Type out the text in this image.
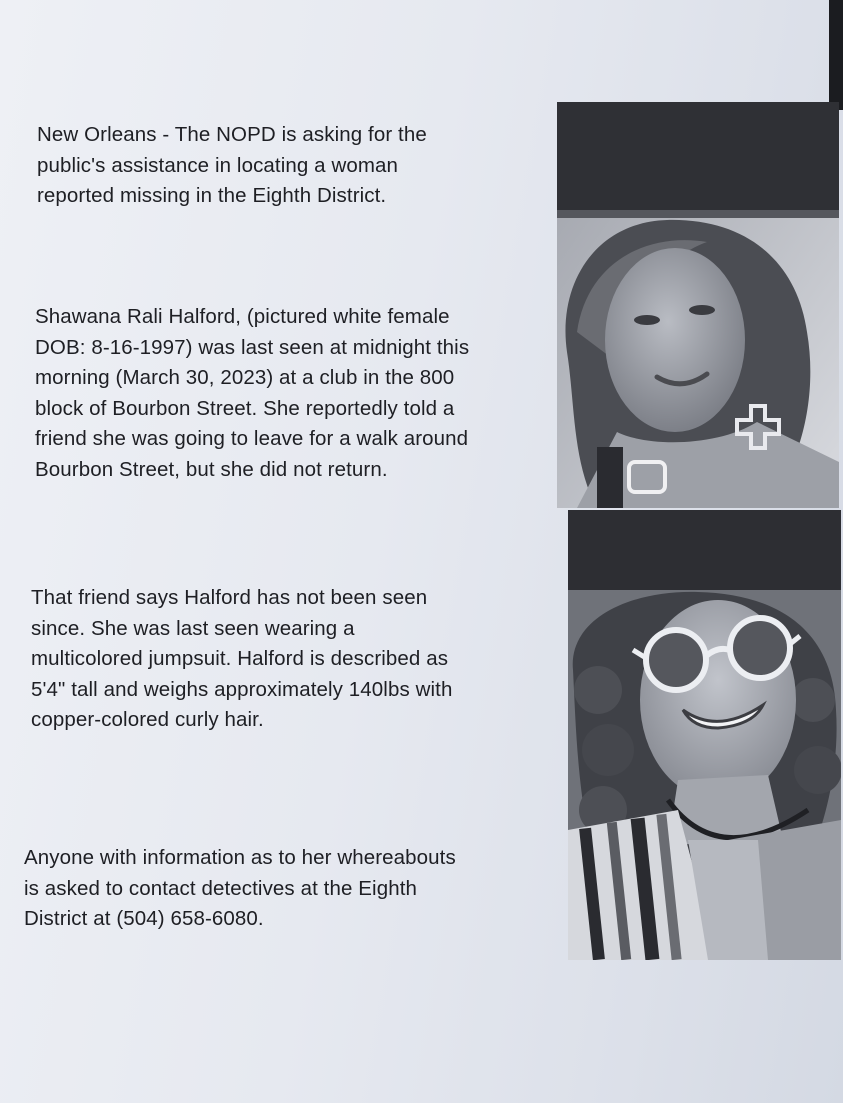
New Orleans - The NOPD is asking for the
public's assistance in locating a woman
reported missing in the Eighth District.

Shawana Rali Halford, (pictured white female
DOB: 8-16-1997) was last seen at midnight this
morning (March 30, 2023) at a club in the 800
block of Bourbon Street. She reportedly told a
friend she was going to leave for a walk around
Bourbon Street, but she did not return.

That friend says Halford has not been seen
since. She was last seen wearing a
multicolored jumpsuit. Halford is described as
5'4" tall and weighs approximately 140lbs with
copper-colored curly hair.

Anyone with information as to her whereabouts
is asked to contact detectives at the Eighth
District at (504) 658-6080.
